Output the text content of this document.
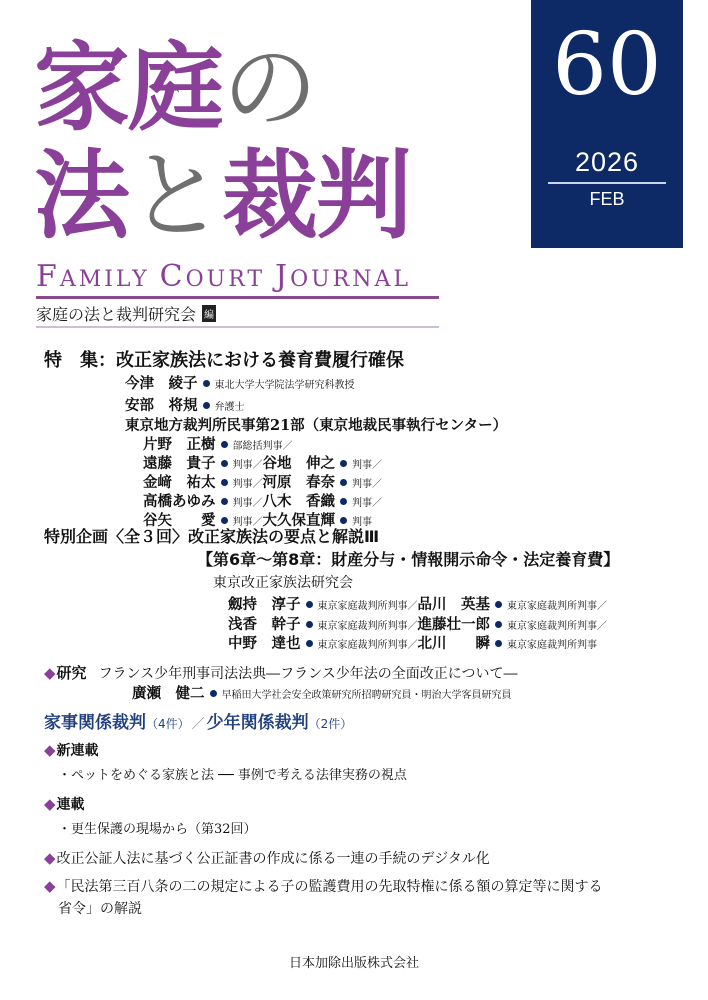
家庭の
法と裁判
FAMILY COURT JOURNAL
家庭の法と裁判研究会 編
60
2026
FEB
特　集：改正家族法における養育費履行確保
今津　綾子 東北大学大学院法学研究科教授
安部　将規 弁護士
東京地方裁判所民事第21部（東京地裁民事執行センター）
片野　正樹 部総括判事／
遠藤　貴子 判事／谷地　伸之 判事／
金﨑　祐太 判事／河原　春奈 判事／
高橋あゆみ 判事／八木　香織 判事／
谷矢　　愛 判事／大久保直輝 判事
特別企画〈全３回〉改正家族法の要点と解説Ⅲ
【第6章～第8章：財産分与・情報開示命令・法定養育費】
東京改正家族法研究会
劔持　淳子 東京家庭裁判所判事／品川　英基 東京家庭裁判所判事／
浅香　幹子 東京家庭裁判所判事／進藤壮一郎 東京家庭裁判所判事／
中野　達也 東京家庭裁判所判事／北川　　瞬 東京家庭裁判所判事
◆研究 フランス少年刑事司法法典―フランス少年法の全面改正について―
廣瀬　健二 早稲田大学社会安全政策研究所招聘研究員・明治大学客員研究員
家事関係裁判（4件） ／ 少年関係裁判（2件）
◆新連載
・ペットをめぐる家族と法 ── 事例で考える法律実務の視点
◆連載
・更生保護の現場から（第32回）
◆改正公証人法に基づく公正証書の作成に係る一連の手続のデジタル化
◆「民法第三百八条の二の規定による子の監護費用の先取特権に係る額の算定等に関する
省令」の解説
日本加除出版株式会社
